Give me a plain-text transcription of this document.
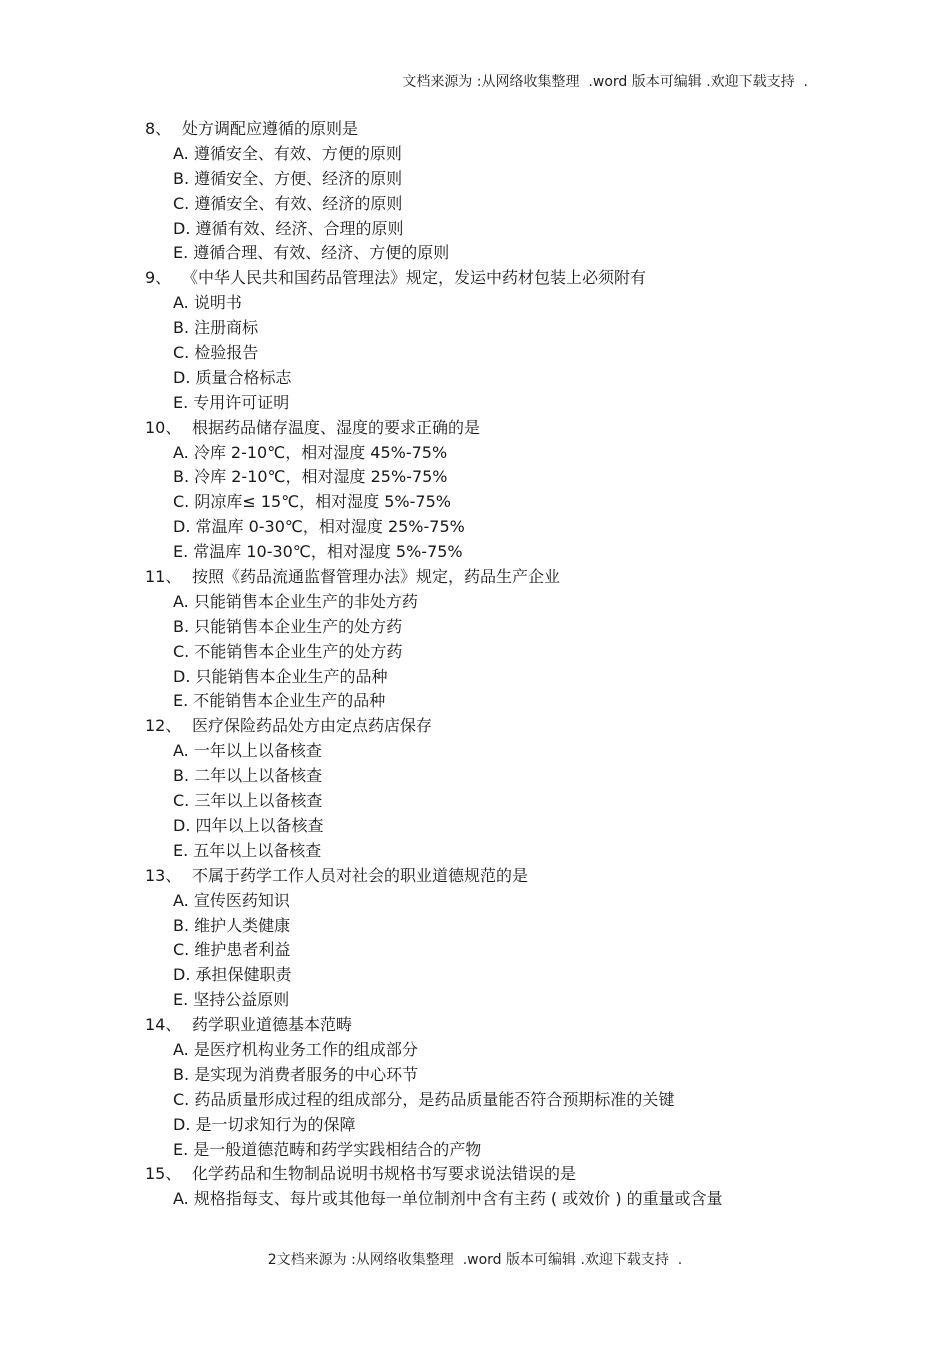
文档来源为 :从网络收集整理  .word 版本可编辑 .欢迎下载支持  .
8、 处方调配应遵循的原则是
A. 遵循安全、有效、方便的原则
B. 遵循安全、方便、经济的原则
C. 遵循安全、有效、经济的原则
D. 遵循有效、经济、合理的原则
E. 遵循合理、有效、经济、方便的原则
9、 《中华人民共和国药品管理法》规定，发运中药材包装上必须附有
A. 说明书
B. 注册商标
C. 检验报告
D. 质量合格标志
E. 专用许可证明
10、 根据药品储存温度、湿度的要求正确的是
A. 冷库 2-10℃，相对湿度 45%-75%
B. 冷库 2-10℃，相对湿度 25%-75%
C. 阴凉库≤ 15℃，相对湿度 5%-75%
D. 常温库 0-30℃，相对湿度 25%-75%
E. 常温库 10-30℃，相对湿度 5%-75%
11、 按照《药品流通监督管理办法》规定，药品生产企业
A. 只能销售本企业生产的非处方药
B. 只能销售本企业生产的处方药
C. 不能销售本企业生产的处方药
D. 只能销售本企业生产的品种
E. 不能销售本企业生产的品种
12、 医疗保险药品处方由定点药店保存
A. 一年以上以备核查
B. 二年以上以备核查
C. 三年以上以备核查
D. 四年以上以备核查
E. 五年以上以备核查
13、 不属于药学工作人员对社会的职业道德规范的是
A. 宣传医药知识
B. 维护人类健康
C. 维护患者利益
D. 承担保健职责
E. 坚持公益原则
14、 药学职业道德基本范畴
A. 是医疗机构业务工作的组成部分
B. 是实现为消费者服务的中心环节
C. 药品质量形成过程的组成部分，是药品质量能否符合预期标准的关键
D. 是一切求知行为的保障
E. 是一般道德范畴和药学实践相结合的产物
15、 化学药品和生物制品说明书规格书写要求说法错误的是
A. 规格指每支、每片或其他每一单位制剂中含有主药 ( 或效价 ) 的重量或含量
2文档来源为 :从网络收集整理  .word 版本可编辑 .欢迎下载支持  .
